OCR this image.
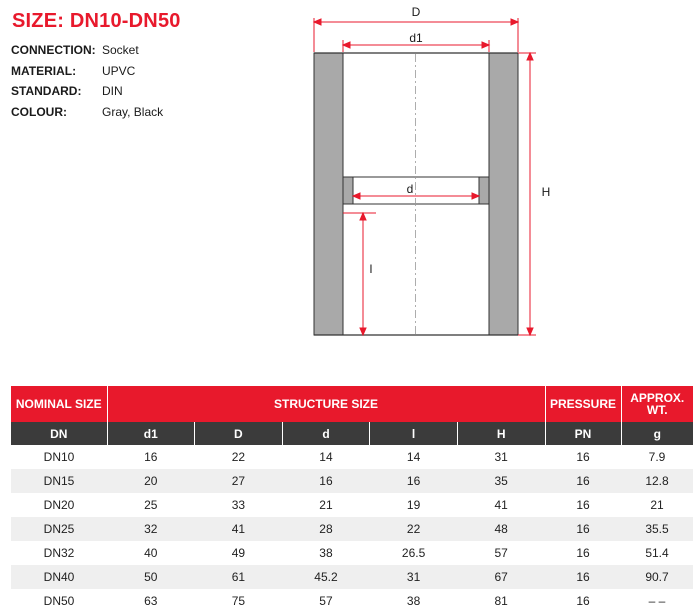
SIZE: DN10-DN50
CONNECTION: Socket
MATERIAL:	UPVC
STANDARD:	DIN
COLOUR:	Gray, Black
D
d1
d	H
l
NOMINAL SIZE	STRUCTURE SIZE					PRESSURE	APPROX. WT.
DN	d1	D	d	l	H	PN	g
DN10	16	22	14	14	31	16	7.9
DN15	20	27	16	16	35	16	12.8
DN20	25	33	21	19	41	16	21
DN25	32	41	28	22	48	16	35.5
DN32	40	49	38	26.5	57	16	51.4
DN40	50	61	45.2	31	67	16	90.7
DN50	63	75	57	38	81	16	– –
